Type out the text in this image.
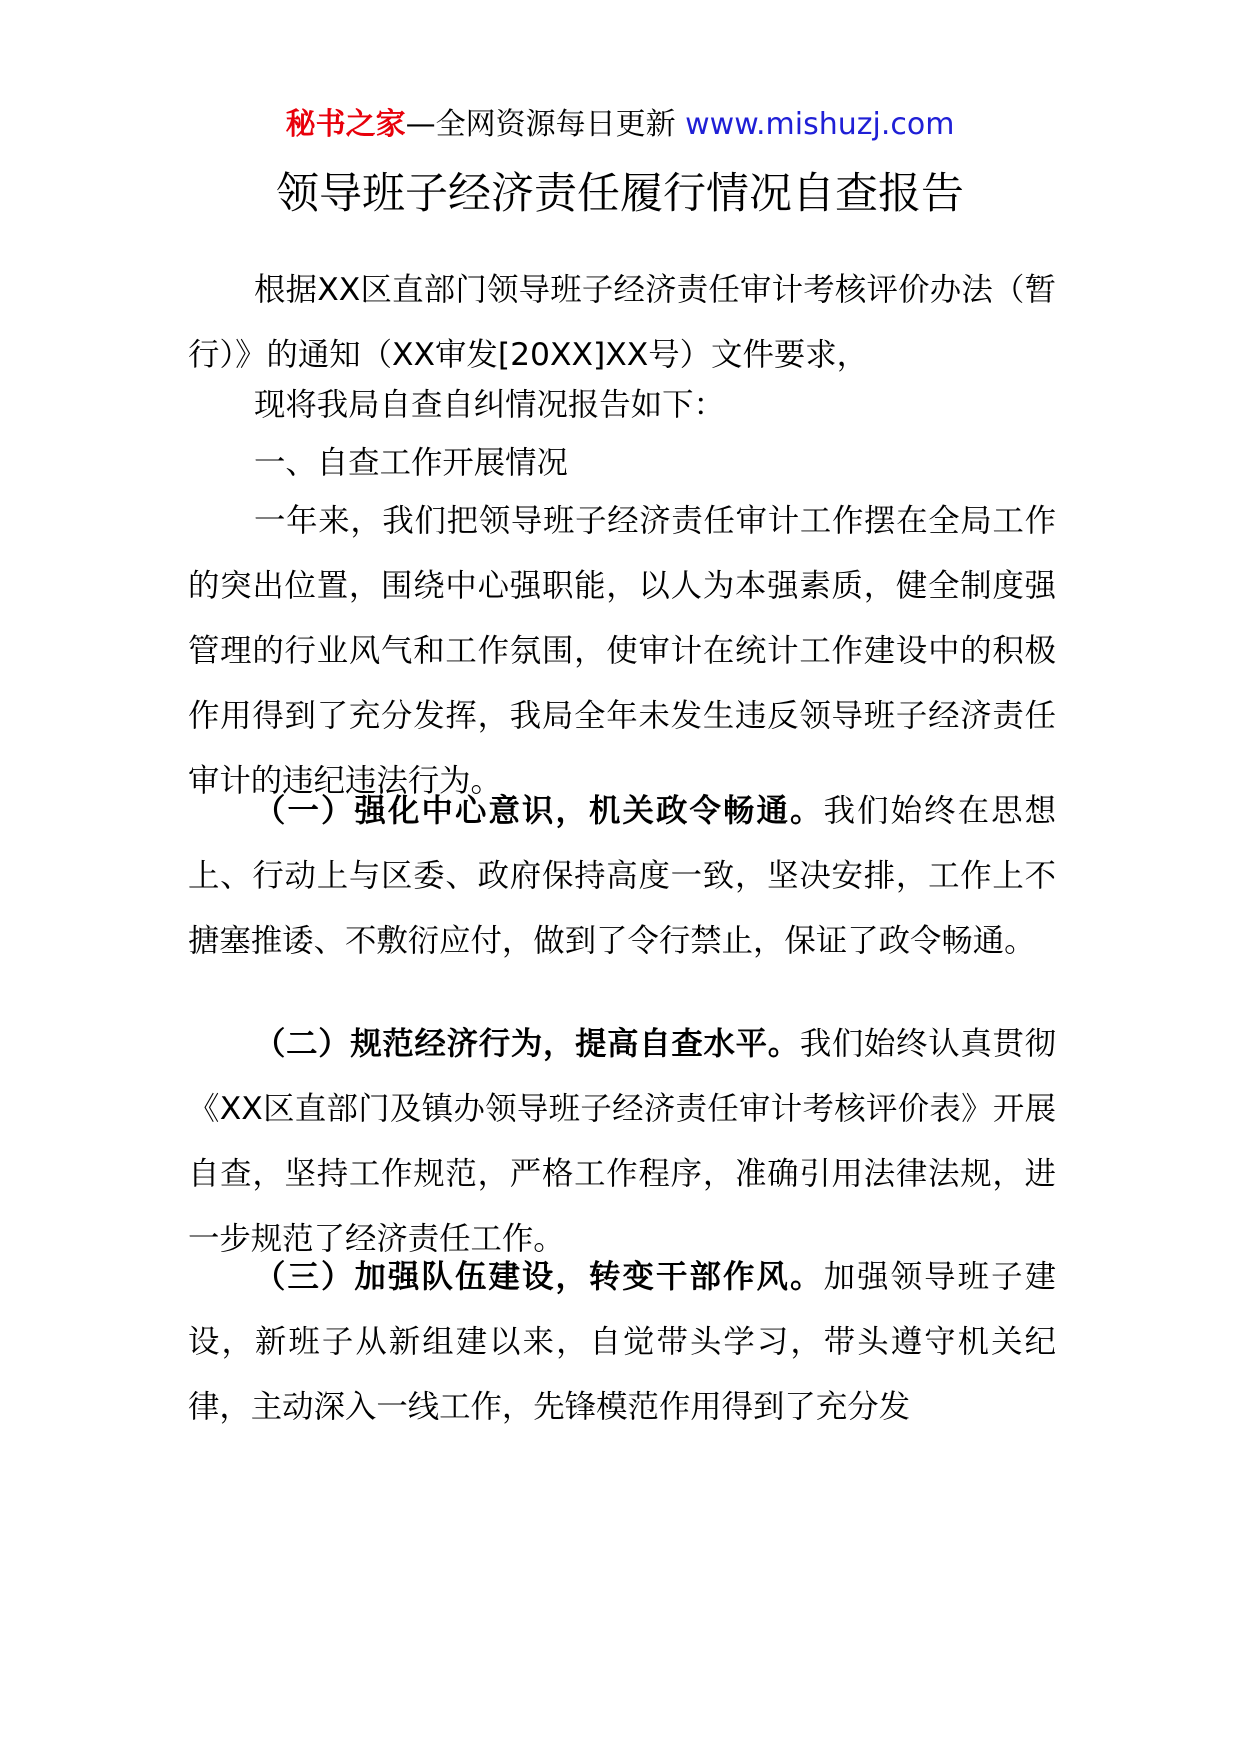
秘书之家—全网资源每日更新 www.mishuzj.com
领导班子经济责任履行情况自查报告

根据XX区直部门领导班子经济责任审计考核评价办法（暂行）》的通知（XX审发[20XX]XX号）文件要求，

现将我局自查自纠情况报告如下：

一、自查工作开展情况

一年来，我们把领导班子经济责任审计工作摆在全局工作的突出位置，围绕中心强职能，以人为本强素质，健全制度强管理的行业风气和工作氛围，使审计在统计工作建设中的积极作用得到了充分发挥，我局全年未发生违反领导班子经济责任审计的违纪违法行为。

（一）强化中心意识，机关政令畅通。我们始终在思想上、行动上与区委、政府保持高度一致，坚决安排，工作上不搪塞推诿、不敷衍应付，做到了令行禁止，保证了政令畅通。

（二）规范经济行为，提高自查水平。我们始终认真贯彻《XX区直部门及镇办领导班子经济责任审计考核评价表》开展自查，坚持工作规范，严格工作程序，准确引用法律法规，进一步规范了经济责任工作。

（三）加强队伍建设，转变干部作风。加强领导班子建设，新班子从新组建以来，自觉带头学习，带头遵守机关纪律，主动深入一线工作，先锋模范作用得到了充分发
